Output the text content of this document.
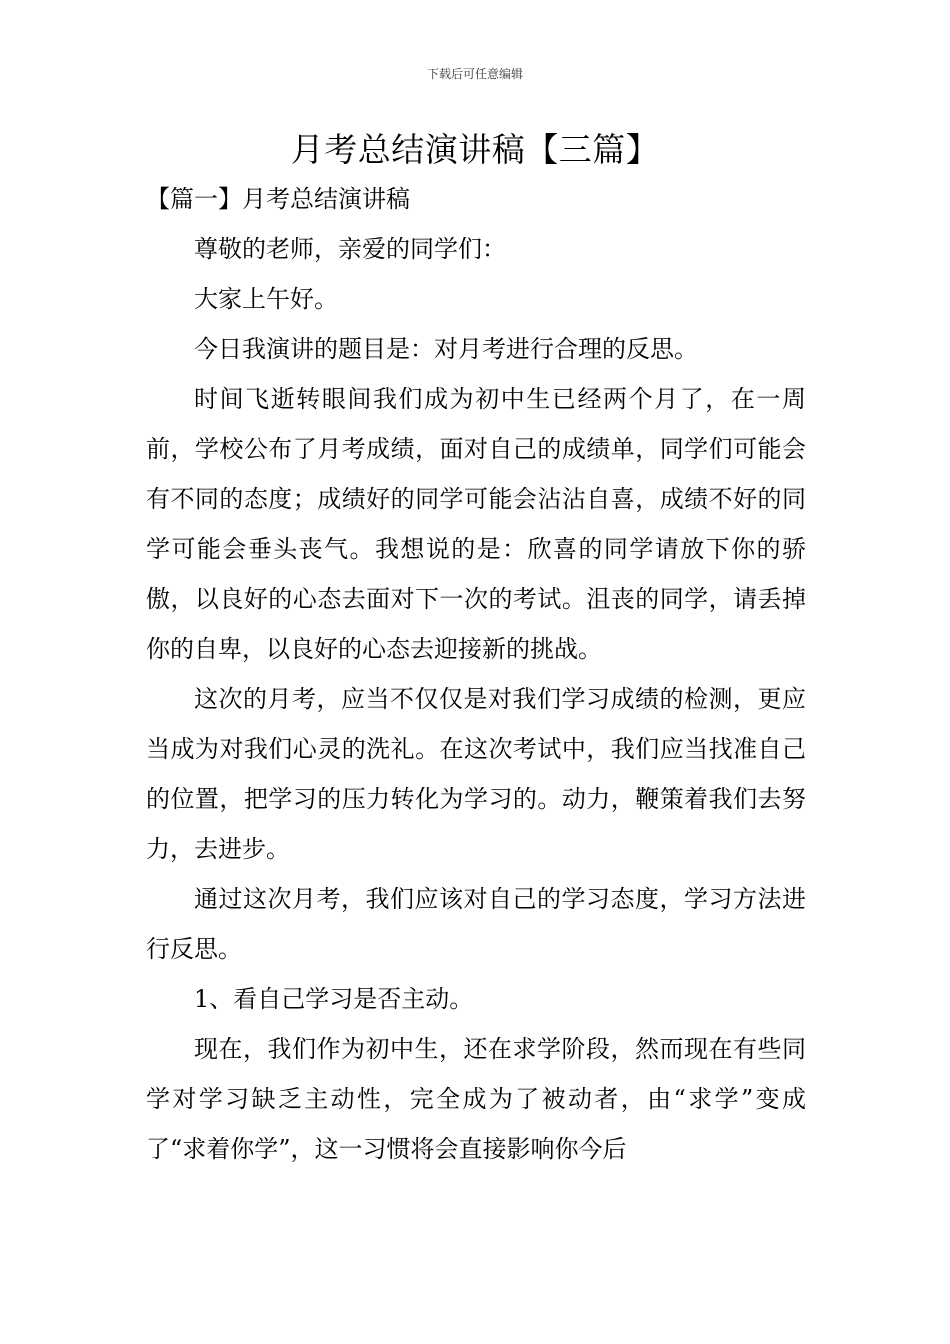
下载后可任意编辑
月考总结演讲稿【三篇】

【篇一】月考总结演讲稿

尊敬的老师，亲爱的同学们：

大家上午好。

今日我演讲的题目是：对月考进行合理的反思。

时间飞逝转眼间我们成为初中生已经两个月了，在一周前，学校公布了月考成绩，面对自己的成绩单，同学们可能会有不同的态度；成绩好的同学可能会沾沾自喜，成绩不好的同学可能会垂头丧气。我想说的是：欣喜的同学请放下你的骄傲，以良好的心态去面对下一次的考试。沮丧的同学，请丢掉你的自卑，以良好的心态去迎接新的挑战。

这次的月考，应当不仅仅是对我们学习成绩的检测，更应当成为对我们心灵的洗礼。在这次考试中，我们应当找准自己的位置，把学习的压力转化为学习的。动力，鞭策着我们去努力，去进步。

通过这次月考，我们应该对自己的学习态度，学习方法进行反思。

1、看自己学习是否主动。

现在，我们作为初中生，还在求学阶段，然而现在有些同学对学习缺乏主动性，完全成为了被动者，由“求学”变成了“求着你学”，这一习惯将会直接影响你今后
